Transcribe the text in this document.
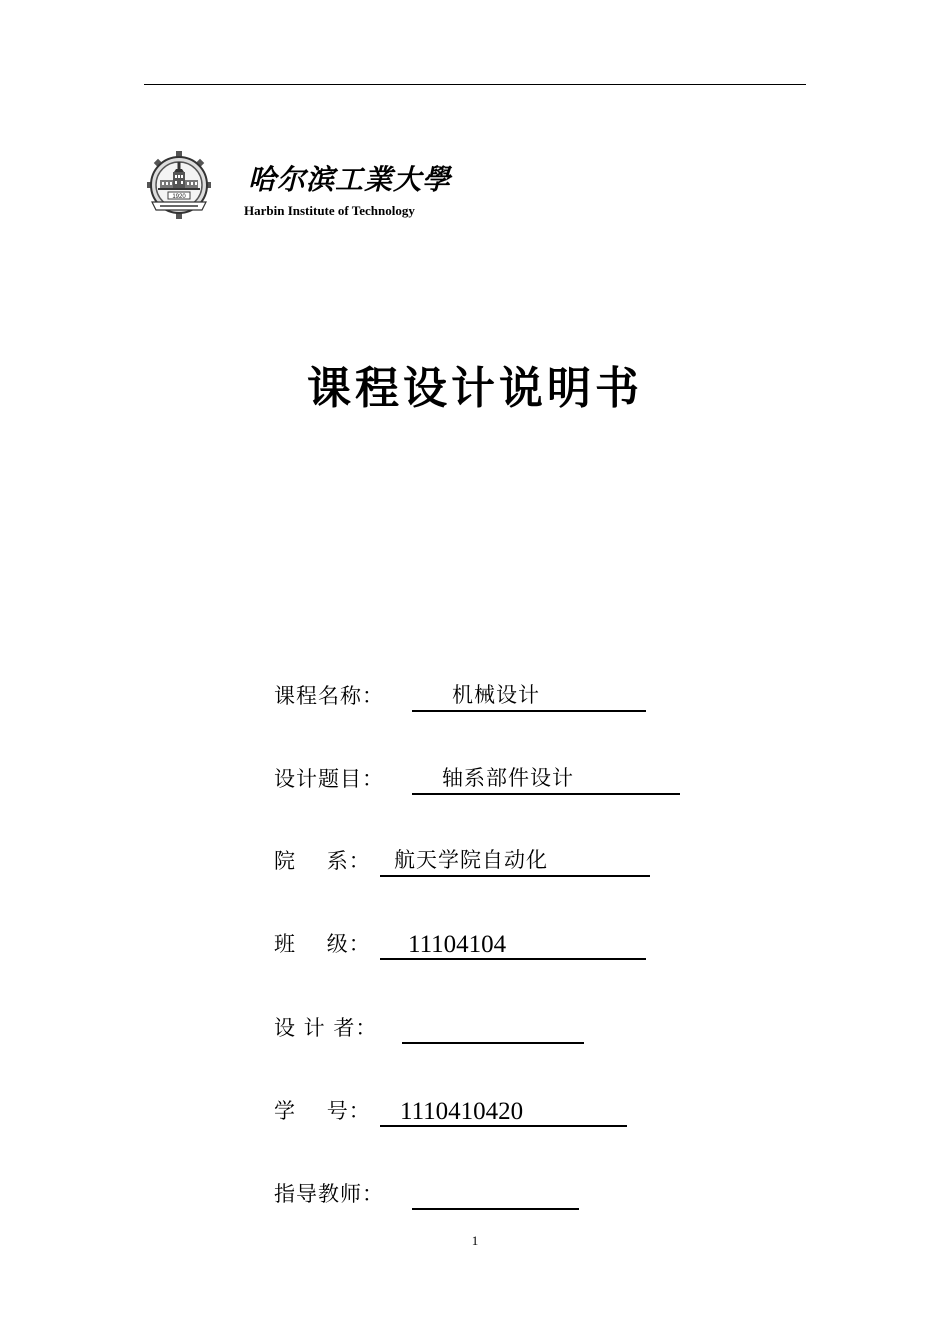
1920
哈尔滨工業大學
Harbin Institute of Technology
课程设计说明书
课程名称：	机械设计
设计题目：	轴系部件设计
院    系： 航天学院自动化
班    级： 11104104
设 计 者：
学    号： 1110410420
指导教师：
1
